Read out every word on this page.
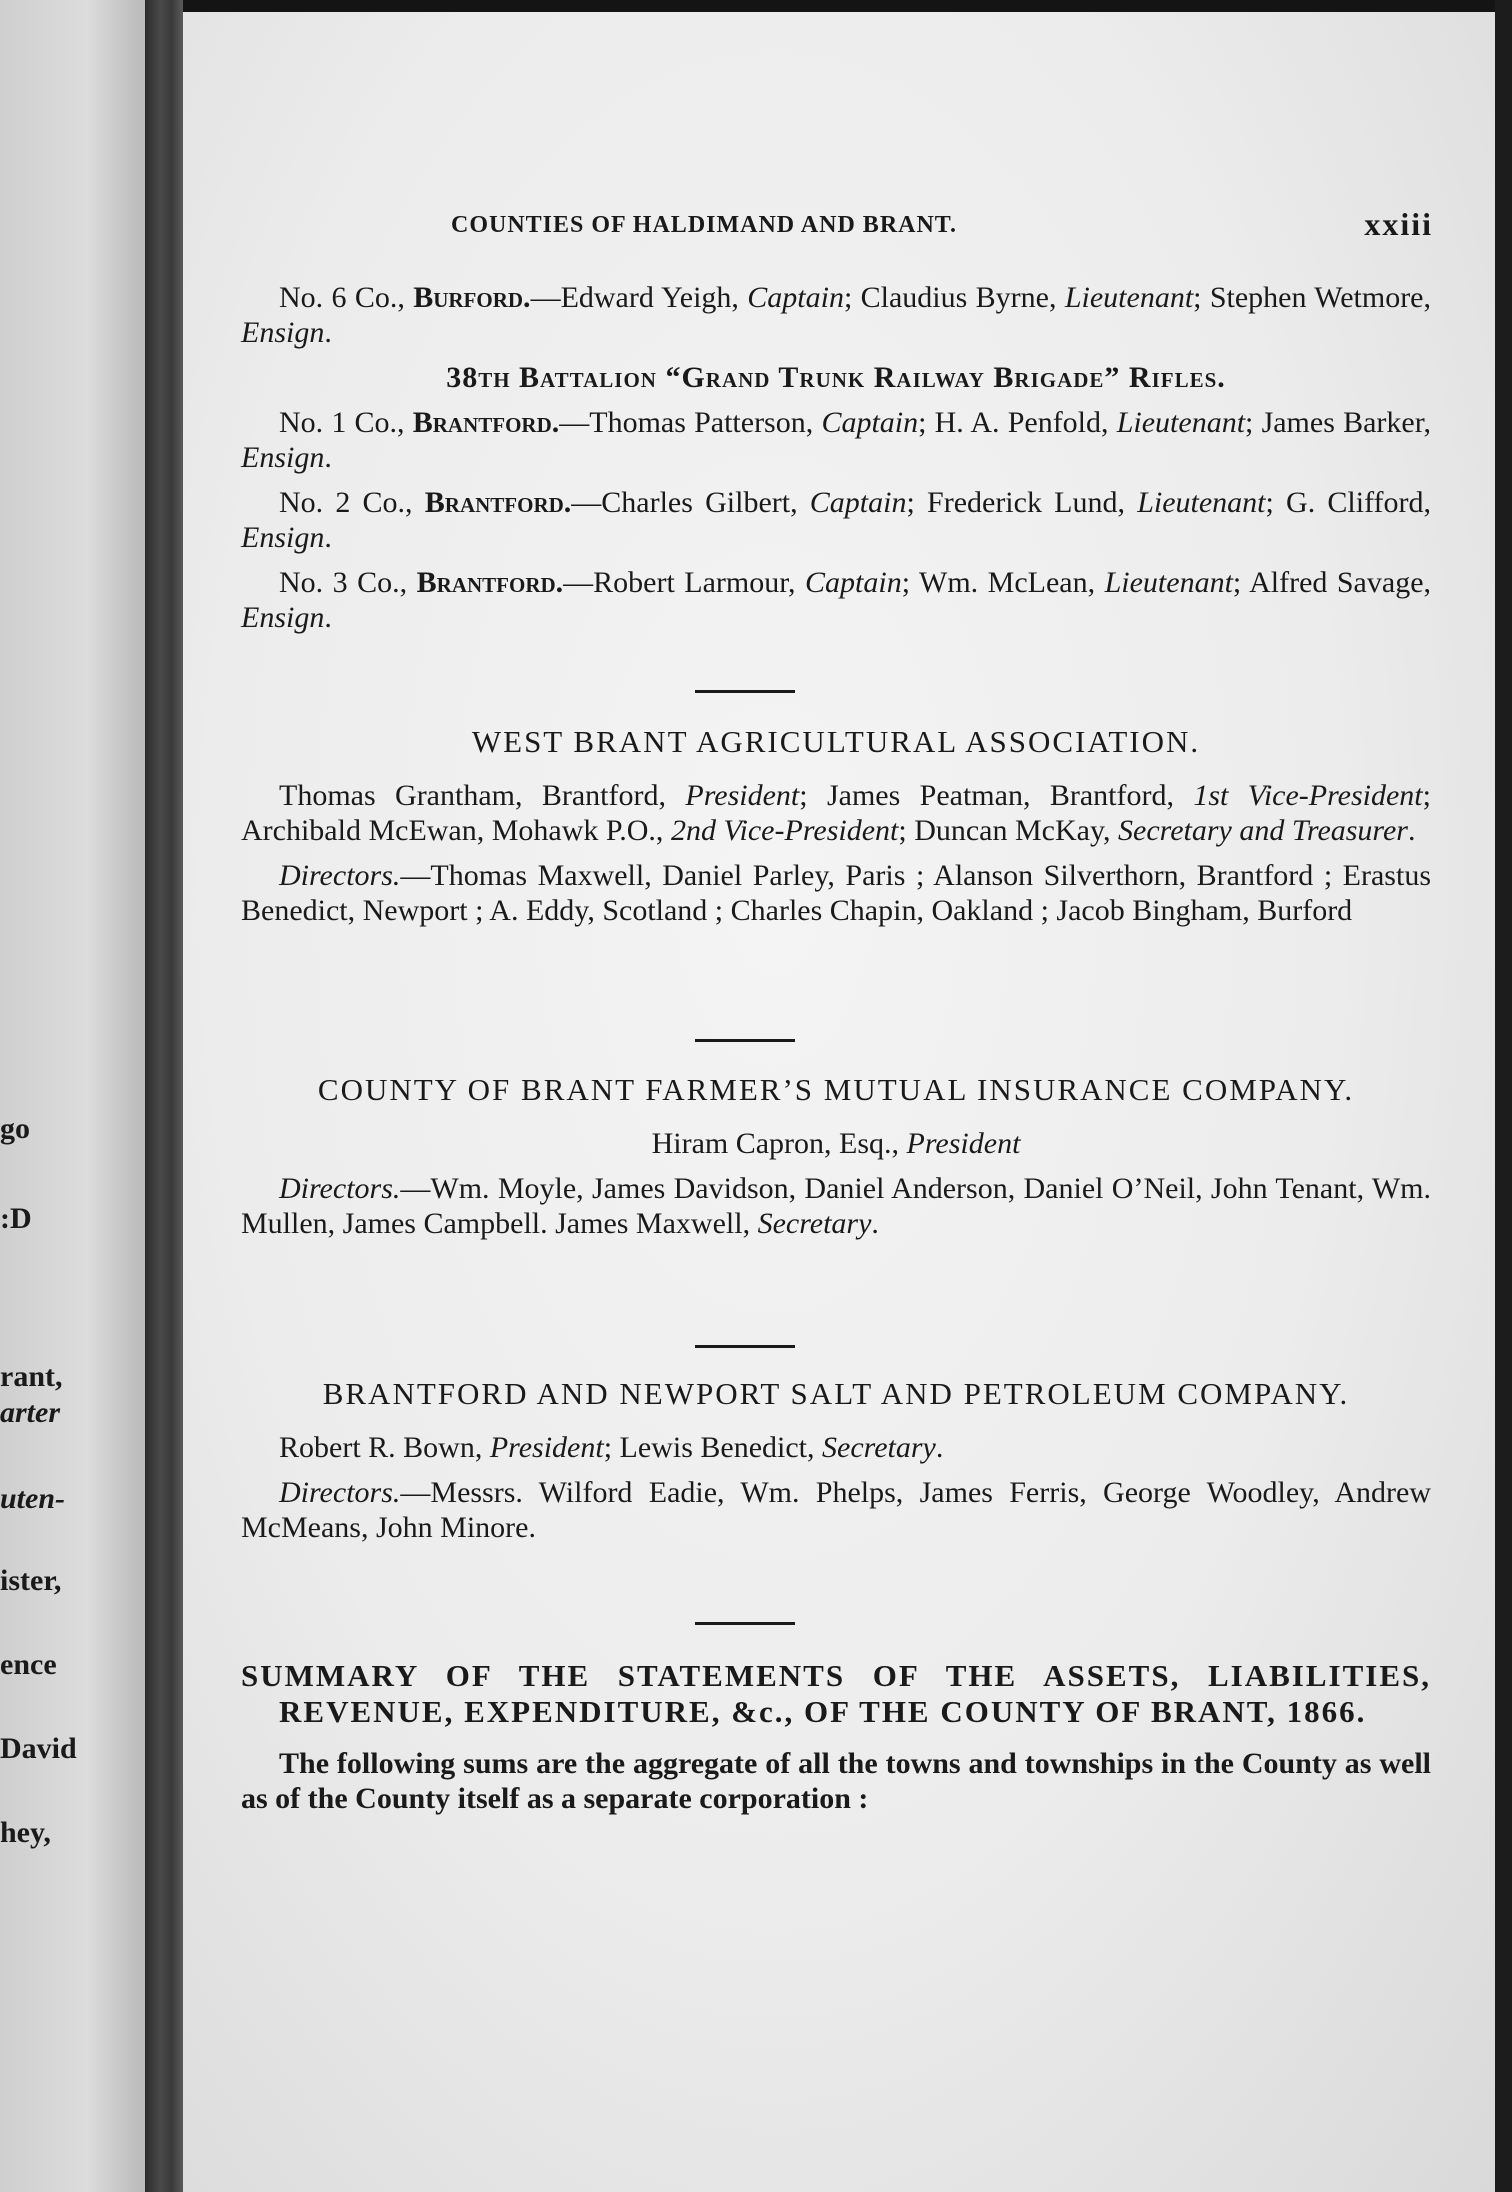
go
:D
rant,
arter
uten-
ister,
ence
David
hey,
COUNTIES OF HALDIMAND AND BRANT.	xxiii

No. 6 Co., Burford.—Edward Yeigh, Captain; Claudius Byrne, Lieutenant; Stephen Wetmore, Ensign.

38th Battalion “Grand Trunk Railway Brigade” Rifles.

No. 1 Co., Brantford.—Thomas Patterson, Captain; H. A. Penfold, Lieutenant; James Barker, Ensign.

No. 2 Co., Brantford.—Charles Gilbert, Captain; Frederick Lund, Lieutenant; G. Clifford, Ensign.

No. 3 Co., Brantford.—Robert Larmour, Captain; Wm. McLean, Lieutenant; Alfred Savage, Ensign.

WEST BRANT AGRICULTURAL ASSOCIATION.

Thomas Grantham, Brantford, President; James Peatman, Brantford, 1st Vice-President; Archibald McEwan, Mohawk P.O., 2nd Vice-President; Duncan McKay, Secretary and Treasurer.

Directors.—Thomas Maxwell, Daniel Parley, Paris ; Alanson Silverthorn, Brantford ; Erastus Benedict, Newport ; A. Eddy, Scotland ; Charles Chapin, Oakland ; Jacob Bingham, Burford

COUNTY OF BRANT FARMER’S MUTUAL INSURANCE COMPANY.

Hiram Capron, Esq., President

Directors.—Wm. Moyle, James Davidson, Daniel Anderson, Daniel O’Neil, John Tenant, Wm. Mullen, James Campbell. James Maxwell, Secretary.

BRANTFORD AND NEWPORT SALT AND PETROLEUM COMPANY.

Robert R. Bown, President; Lewis Benedict, Secretary.

Directors.—Messrs. Wilford Eadie, Wm. Phelps, James Ferris, George Woodley, Andrew McMeans, John Minore.

SUMMARY OF THE STATEMENTS OF THE ASSETS, LIABILITIES, REVENUE, EXPENDITURE, &c., OF THE COUNTY OF BRANT, 1866.

The following sums are the aggregate of all the towns and townships in the County as well as of the County itself as a separate corporation :
